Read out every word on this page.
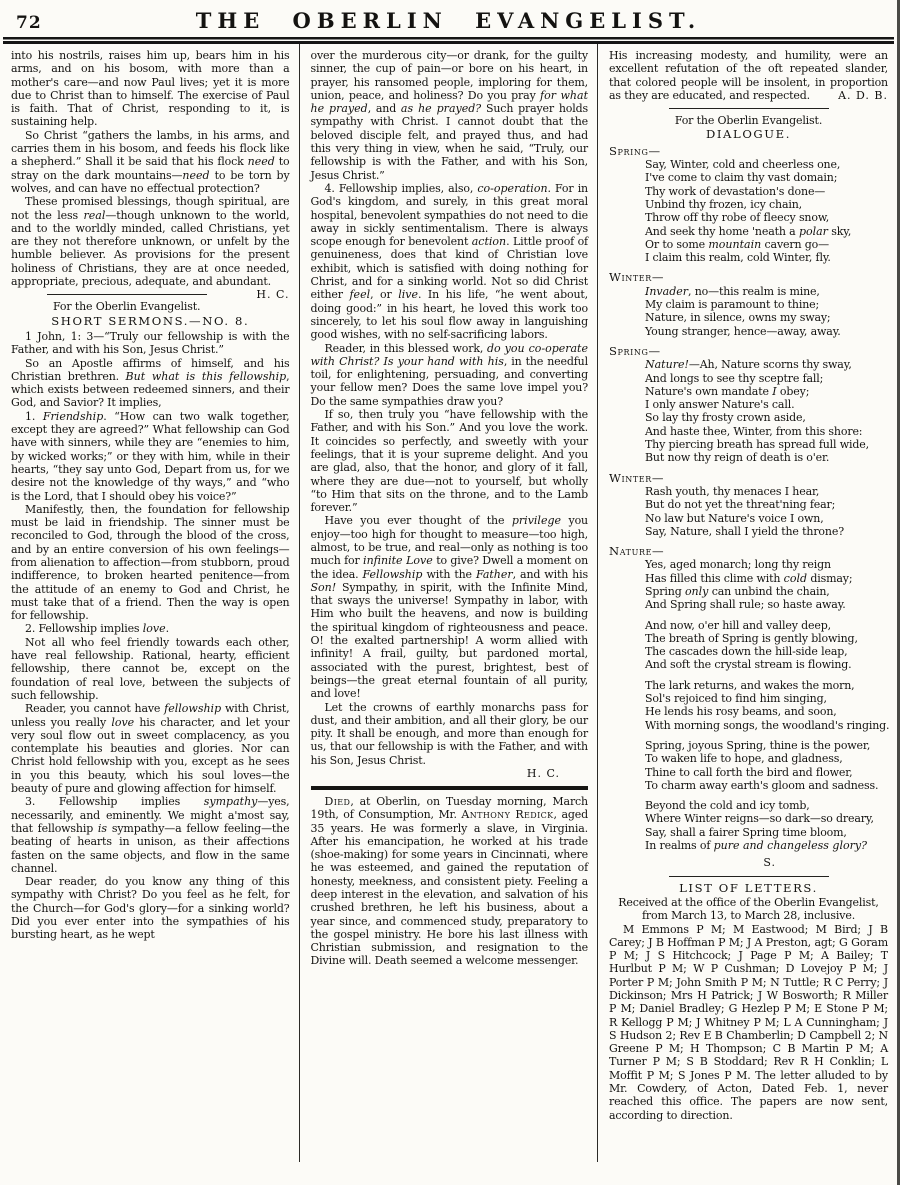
72	THE OBERLIN EVANGELIST.

into his nostrils, raises him up, bears him in his arms, and on his bosom, with more than a mother's care—and now Paul lives; yet it is more due to Christ than to himself. The exercise of Paul is faith. That of Christ, responding to it, is sustaining help.

So Christ “gathers the lambs, in his arms, and carries them in his bosom, and feeds his flock like a shepherd.” Shall it be said that his flock need to stray on the dark mountains—need to be torn by wolves, and can have no effectual protection?

These promised blessings, though spiritual, are not the less real—though unknown to the world, and to the worldly minded, called Christians, yet are they not therefore unknown, or unfelt by the humble believer. As provisions for the present holiness of Christians, they are at once needed, appropriate, precious, adequate, and abundant.
H. C.

For the Oberlin Evangelist.

SHORT SERMONS.—NO. 8.

1 John, 1: 3—“Truly our fellowship is with the Father, and with his Son, Jesus Christ.”

So an Apostle affirms of himself, and his Christian brethren. But what is this fellowship, which exists between redeemed sinners, and their God, and Savior? It implies,

1. Friendship. “How can two walk together, except they are agreed?” What fellowship can God have with sinners, while they are “enemies to him, by wicked works;” or they with him, while in their hearts, “they say unto God, Depart from us, for we desire not the knowledge of thy ways,” and “who is the Lord, that I should obey his voice?”

Manifestly, then, the foundation for fellowship must be laid in friendship. The sinner must be reconciled to God, through the blood of the cross, and by an entire conversion of his own feelings—from alienation to affection—from stubborn, proud indifference, to broken hearted penitence—from the attitude of an enemy to God and Christ, he must take that of a friend. Then the way is open for fellowship.

2. Fellowship implies love.

Not all who feel friendly towards each other, have real fellowship. Rational, hearty, efficient fellowship, there cannot be, except on the foundation of real love, between the subjects of such fellowship.

Reader, you cannot have fellowship with Christ, unless you really love his character, and let your very soul flow out in sweet complacency, as you contemplate his beauties and glories. Nor can Christ hold fellowship with you, except as he sees in you this beauty, which his soul loves—the beauty of pure and glowing affection for himself.

3. Fellowship implies sympathy—yes, necessarily, and eminently. We might a'most say, that fellowship is sympathy—a fellow feeling—the beating of hearts in unison, as their affections fasten on the same objects, and flow in the same channel.

Dear reader, do you know any thing of this sympathy with Christ? Do you feel as he felt, for the Church—for God's glory—for a sinking world? Did you ever enter into the sympathies of his bursting heart, as he wept

over the murderous city—or drank, for the guilty sinner, the cup of pain—or bore on his heart, in prayer, his ransomed people, imploring for them, union, peace, and holiness? Do you pray for what he prayed, and as he prayed? Such prayer holds sympathy with Christ. I cannot doubt that the beloved disciple felt, and prayed thus, and had this very thing in view, when he said, “Truly, our fellowship is with the Father, and with his Son, Jesus Christ.”

4. Fellowship implies, also, co-operation. For in God's kingdom, and surely, in this great moral hospital, benevolent sympathies do not need to die away in sickly sentimentalism. There is always scope enough for benevolent action. Little proof of genuineness, does that kind of Christian love exhibit, which is satisfied with doing nothing for Christ, and for a sinking world. Not so did Christ either feel, or live. In his life, “he went about, doing good:” in his heart, he loved this work too sincerely, to let his soul flow away in languishing good wishes, with no self-sacrificing labors.

Reader, in this blessed work, do you co-operate with Christ? Is your hand with his, in the needful toil, for enlightening, persuading, and converting your fellow men? Does the same love impel you? Do the same sympathies draw you?

If so, then truly you “have fellowship with the Father, and with his Son.” And you love the work. It coincides so perfectly, and sweetly with your feelings, that it is your supreme delight. And you are glad, also, that the honor, and glory of it fall, where they are due—not to yourself, but wholly “to Him that sits on the throne, and to the Lamb forever.”

Have you ever thought of the privilege you enjoy—too high for thought to measure—too high, almost, to be true, and real—only as nothing is too much for infinite Love to give? Dwell a moment on the idea. Fellowship with the Father, and with his Son! Sympathy, in spirit, with the Infinite Mind, that sways the universe! Sympathy in labor, with Him who built the heavens, and now is building the spiritual kingdom of righteousness and peace. O! the exalted partnership! A worm allied with infinity! A frail, guilty, but pardoned mortal, associated with the purest, brightest, best of beings—the great eternal fountain of all purity, and love!

Let the crowns of earthly monarchs pass for dust, and their ambition, and all their glory, be our pity. It shall be enough, and more than enough for us, that our fellowship is with the Father, and with his Son, Jesus Christ.

H. C.

Died, at Oberlin, on Tuesday morning, March 19th, of Consumption, Mr. Anthony Redick, aged 35 years. He was formerly a slave, in Virginia. After his emancipation, he worked at his trade (shoe-making) for some years in Cincinnati, where he was esteemed, and gained the reputation of honesty, meekness, and consistent piety. Feeling a deep interest in the elevation, and salvation of his crushed brethren, he left his business, about a year since, and commenced study, preparatory to the gospel ministry. He bore his last illness with Christian submission, and resignation to the Divine will. Death seemed a welcome messenger.

His increasing modesty, and humility, were an excellent refutation of the oft repeated slander, that colored people will be insolent, in proportion as they are educated, and respected.	A. D. B.

For the Oberlin Evangelist.

DIALOGUE.

Spring—
Say, Winter, cold and cheerless one,
I've come to claim thy vast domain;
Thy work of devastation's done—
Unbind thy frozen, icy chain,
Throw off thy robe of fleecy snow,
And seek thy home 'neath a polar sky,
Or to some mountain cavern go—
I claim this realm, cold Winter, fly.
Winter—
Invader, no—this realm is mine,
My claim is paramount to thine;
Nature, in silence, owns my sway;
Young stranger, hence—away, away.
Spring—
Nature!—Ah, Nature scorns thy sway,
And longs to see thy sceptre fall;
Nature's own mandate I obey;
I only answer Nature's call.
So lay thy frosty crown aside,
And haste thee, Winter, from this shore:
Thy piercing breath has spread full wide,
But now thy reign of death is o'er.
Winter—
Rash youth, thy menaces I hear,
But do not yet the threat'ning fear;
No law but Nature's voice I own,
Say, Nature, shall I yield the throne?
Nature—
Yes, aged monarch; long thy reign
Has filled this clime with cold dismay;
Spring only can unbind the chain,
And Spring shall rule; so haste away.
And now, o'er hill and valley deep,
The breath of Spring is gently blowing,
The cascades down the hill-side leap,
And soft the crystal stream is flowing.
The lark returns, and wakes the morn,
Sol's rejoiced to find him singing,
He lends his rosy beams, and soon,
With morning songs, the woodland's ringing.
Spring, joyous Spring, thine is the power,
To waken life to hope, and gladness,
Thine to call forth the bird and flower,
To charm away earth's gloom and sadness.
Beyond the cold and icy tomb,
Where Winter reigns—so dark—so dreary,
Say, shall a fairer Spring time bloom,
In realms of pure and changeless glory?

S.

LIST OF LETTERS.

Received at the office of the Oberlin Evangelist, from March 13, to March 28, inclusive.

M Emmons P M; M Eastwood; M Bird; J B Carey; J B Hoffman P M; J A Preston, agt; G Goram P M; J S Hitchcock; J Page P M; A Bailey; T Hurlbut P M; W P Cushman; D Lovejoy P M; J Porter P M; John Smith P M; N Tuttle; R C Perry; J Dickinson; Mrs H Patrick; J W Bosworth; R Miller P M; Daniel Bradley; G Hezlep P M; E Stone P M; R Kellogg P M; J Whitney P M; L A Cunningham; J S Hudson 2; Rev E B Chamberlin; D Campbell 2; N Greene P M; H Thompson; C B Martin P M; A Turner P M; S B Stoddard; Rev R H Conklin; L Moffit P M; S Jones P M. The letter alluded to by Mr. Cowdery, of Acton, Dated Feb. 1, never reached this office. The papers are now sent, according to direction.
